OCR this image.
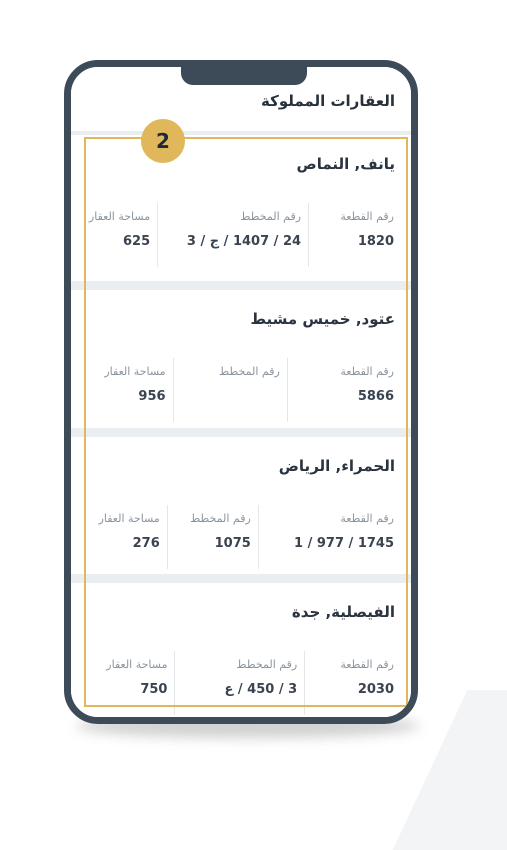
العقارات المملوكة
يانف, النماص
رقم القطعة
1820
رقم المخطط
24 / 1407 / ج / 3
مساحة العقار
625
عتود, خميس مشيط
رقم القطعة
5866
رقم المخطط
مساحة العقار
956
الحمراء, الرياض
رقم القطعة
1745 / 977 / 1
رقم المخطط
1075
مساحة العقار
276
الفيصلية, جدة
رقم القطعة
2030
رقم المخطط
3 / 450 / ع
مساحة العقار
750
2
